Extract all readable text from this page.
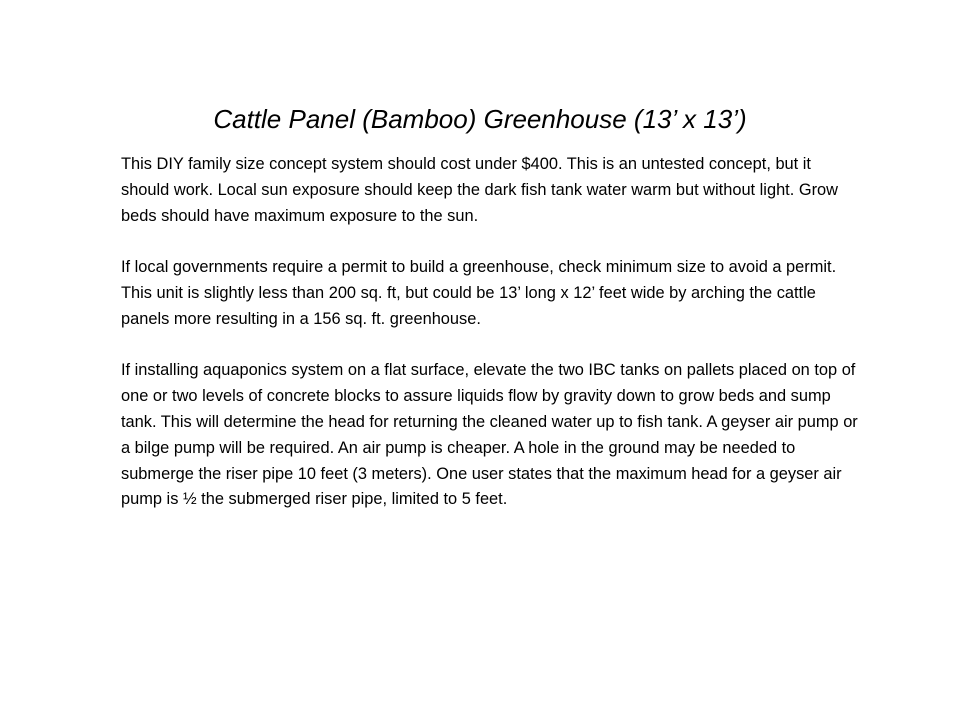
Cattle Panel (Bamboo) Greenhouse (13’ x 13’)

This DIY family size concept system should cost under $400. This is an untested concept, but it should work. Local sun exposure should keep the dark fish tank water warm but without light. Grow beds should have maximum exposure to the sun.

If local governments require a permit to build a greenhouse, check minimum size to avoid a permit. This unit is slightly less than 200 sq. ft, but could be 13’ long x 12’ feet wide by arching the cattle panels more resulting in a 156 sq. ft. greenhouse.

If installing aquaponics system on a flat surface, elevate the two IBC tanks on pallets placed on top of one or two levels of concrete blocks to assure liquids flow by gravity down to grow beds and sump tank. This will determine the head for returning the cleaned water up to fish tank. A geyser air pump or a bilge pump will be required. An air pump is cheaper. A hole in the ground may be needed to submerge the riser pipe 10 feet (3 meters). One user states that the maximum head for a geyser air pump is ½ the submerged riser pipe, limited to 5 feet.
